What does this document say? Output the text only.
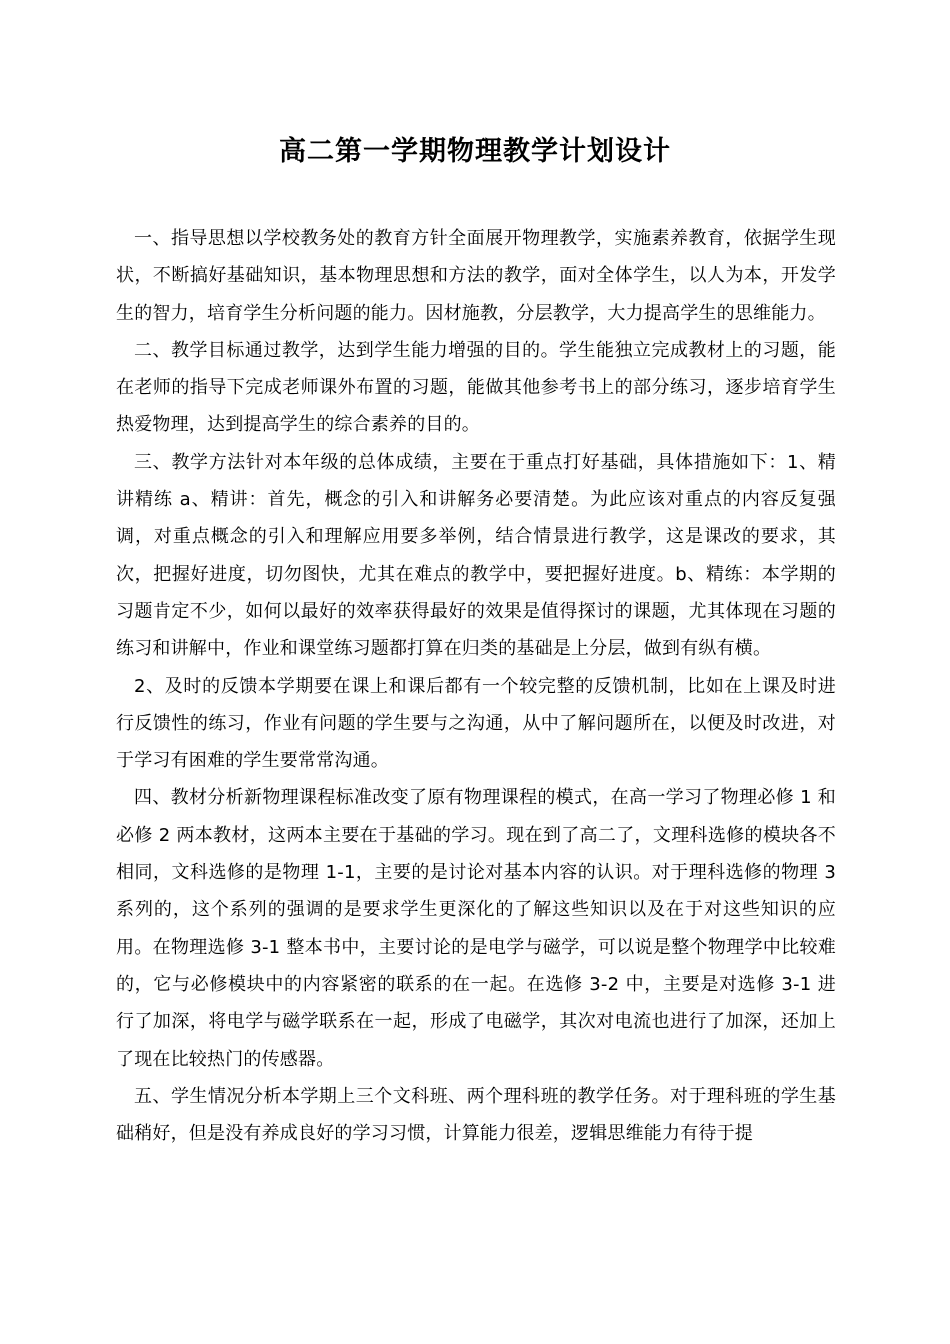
高二第一学期物理教学计划设计

一、指导思想以学校教务处的教育方针全面展开物理教学，实施素养教育，依据学生现状，不断搞好基础知识，基本物理思想和方法的教学，面对全体学生，以人为本，开发学生的智力，培育学生分析问题的能力。因材施教，分层教学，大力提高学生的思维能力。

二、教学目标通过教学，达到学生能力增强的目的。学生能独立完成教材上的习题，能在老师的指导下完成老师课外布置的习题，能做其他参考书上的部分练习，逐步培育学生热爱物理，达到提高学生的综合素养的目的。

三、教学方法针对本年级的总体成绩，主要在于重点打好基础，具体措施如下：1、精讲精练 a、精讲：首先，概念的引入和讲解务必要清楚。为此应该对重点的内容反复强调，对重点概念的引入和理解应用要多举例，结合情景进行教学，这是课改的要求，其次，把握好进度，切勿图快，尤其在难点的教学中，要把握好进度。b、精练：本学期的习题肯定不少，如何以最好的效率获得最好的效果是值得探讨的课题，尤其体现在习题的练习和讲解中，作业和课堂练习题都打算在归类的基础是上分层，做到有纵有横。

2、及时的反馈本学期要在课上和课后都有一个较完整的反馈机制，比如在上课及时进行反馈性的练习，作业有问题的学生要与之沟通，从中了解问题所在，以便及时改进，对于学习有困难的学生要常常沟通。

四、教材分析新物理课程标准改变了原有物理课程的模式，在高一学习了物理必修 1 和必修 2 两本教材，这两本主要在于基础的学习。现在到了高二了，文理科选修的模块各不相同，文科选修的是物理 1-1，主要的是讨论对基本内容的认识。对于理科选修的物理 3 系列的，这个系列的强调的是要求学生更深化的了解这些知识以及在于对这些知识的应用。在物理选修 3-1 整本书中，主要讨论的是电学与磁学，可以说是整个物理学中比较难的，它与必修模块中的内容紧密的联系的在一起。在选修 3-2 中，主要是对选修 3-1 进行了加深，将电学与磁学联系在一起，形成了电磁学，其次对电流也进行了加深，还加上了现在比较热门的传感器。

五、学生情况分析本学期上三个文科班、两个理科班的教学任务。对于理科班的学生基础稍好，但是没有养成良好的学习习惯，计算能力很差，逻辑思维能力有待于提
